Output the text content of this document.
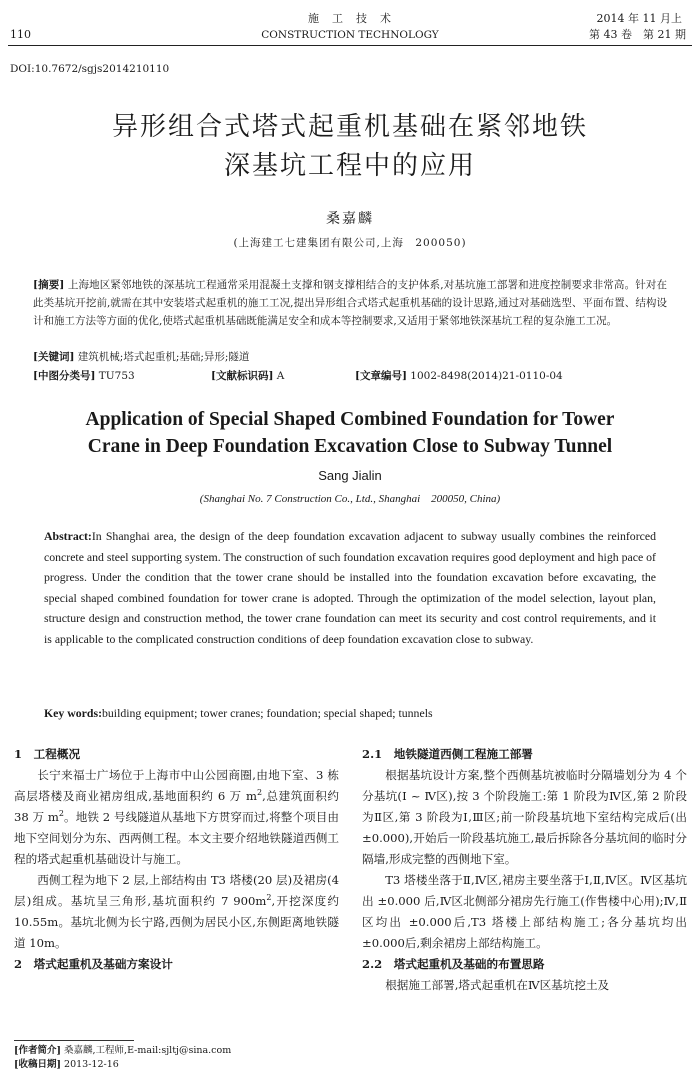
110
施　工　技　术
CONSTRUCTION TECHNOLOGY
2014 年 11 月上
第 43 卷　第 21 期
DOI:10.7672/sgjs2014210110
异形组合式塔式起重机基础在紧邻地铁
深基坑工程中的应用
桑嘉麟
(上海建工七建集团有限公司,上海　200050)
[摘要] 上海地区紧邻地铁的深基坑工程通常采用混凝土支撑和钢支撑相结合的支护体系,对基坑施工部署和进度控制要求非常高。针对在此类基坑开挖前,就需在其中安装塔式起重机的施工工况,提出异形组合式塔式起重机基础的设计思路,通过对基础选型、平面布置、结构设计和施工方法等方面的优化,使塔式起重机基础既能满足安全和成本等控制要求,又适用于紧邻地铁深基坑工程的复杂施工工况。
[关键词] 建筑机械;塔式起重机;基础;异形;隧道
[中图分类号] TU753	[文献标识码] A	[文章编号] 1002-8498(2014)21-0110-04
Application of Special Shaped Combined Foundation for Tower
Crane in Deep Foundation Excavation Close to Subway Tunnel
Sang Jialin
(Shanghai No. 7 Construction Co., Ltd., Shanghai　200050, China)
Abstract:In Shanghai area, the design of the deep foundation excavation adjacent to subway usually combines the reinforced concrete and steel supporting system. The construction of such foundation excavation requires good deployment and high pace of progress. Under the condition that the tower crane should be installed into the foundation excavation before excavating, the special shaped combined foundation for tower crane is adopted. Through the optimization of the model selection, layout plan, structure design and construction method, the tower crane foundation can meet its security and cost control requirements, and it is applicable to the complicated construction conditions of deep foundation excavation close to subway.
Key words:building equipment; tower cranes; foundation; special shaped; tunnels
1　工程概况
长宁来福士广场位于上海市中山公园商圈,由地下室、3 栋高层塔楼及商业裙房组成,基地面积约 6 万 $m^2$,总建筑面积约 38 万 $m^2$。地铁 2 号线隧道从基地下方贯穿而过,将整个项目由地下空间划分为东、西两侧工程。本文主要介绍地铁隧道西侧工程的塔式起重机基础设计与施工。
西侧工程为地下 2 层,上部结构由 T3 塔楼(20 层)及裙房(4 层)组成。基坑呈三角形,基坑面积约 7 $900m^2$,开挖深度约 10.55m。基坑北侧为长宁路,西侧为居民小区,东侧距离地铁隧道 10m。
2　塔式起重机及基础方案设计
[作者简介] 桑嘉麟,工程师,E-mail:sjltj@sina.com
[收稿日期] 2013-12-16
2.1　地铁隧道西侧工程施工部署
根据基坑设计方案,整个西侧基坑被临时分隔墙划分为 4 个分基坑(Ⅰ ~ Ⅳ区),按 3 个阶段施工:第 1 阶段为Ⅳ区,第 2 阶段为Ⅱ区,第 3 阶段为Ⅰ,Ⅲ区;前一阶段基坑地下室结构完成后(出 ±0.000),开始后一阶段基坑施工,最后拆除各分基坑间的临时分隔墙,形成完整的西侧地下室。
T3 塔楼坐落于Ⅱ,Ⅳ区,裙房主要坐落于Ⅰ,Ⅱ,Ⅳ区。Ⅳ区基坑出 ±0.000 后,Ⅳ区北侧部分裙房先行施工(作售楼中心用);Ⅳ,Ⅱ区均出 ±0.000后,T3 塔楼上部结构施工;各分基坑均出 ±0.000后,剩余裙房上部结构施工。
2.2　塔式起重机及基础的布置思路
根据施工部署,塔式起重机在Ⅳ区基坑挖土及
